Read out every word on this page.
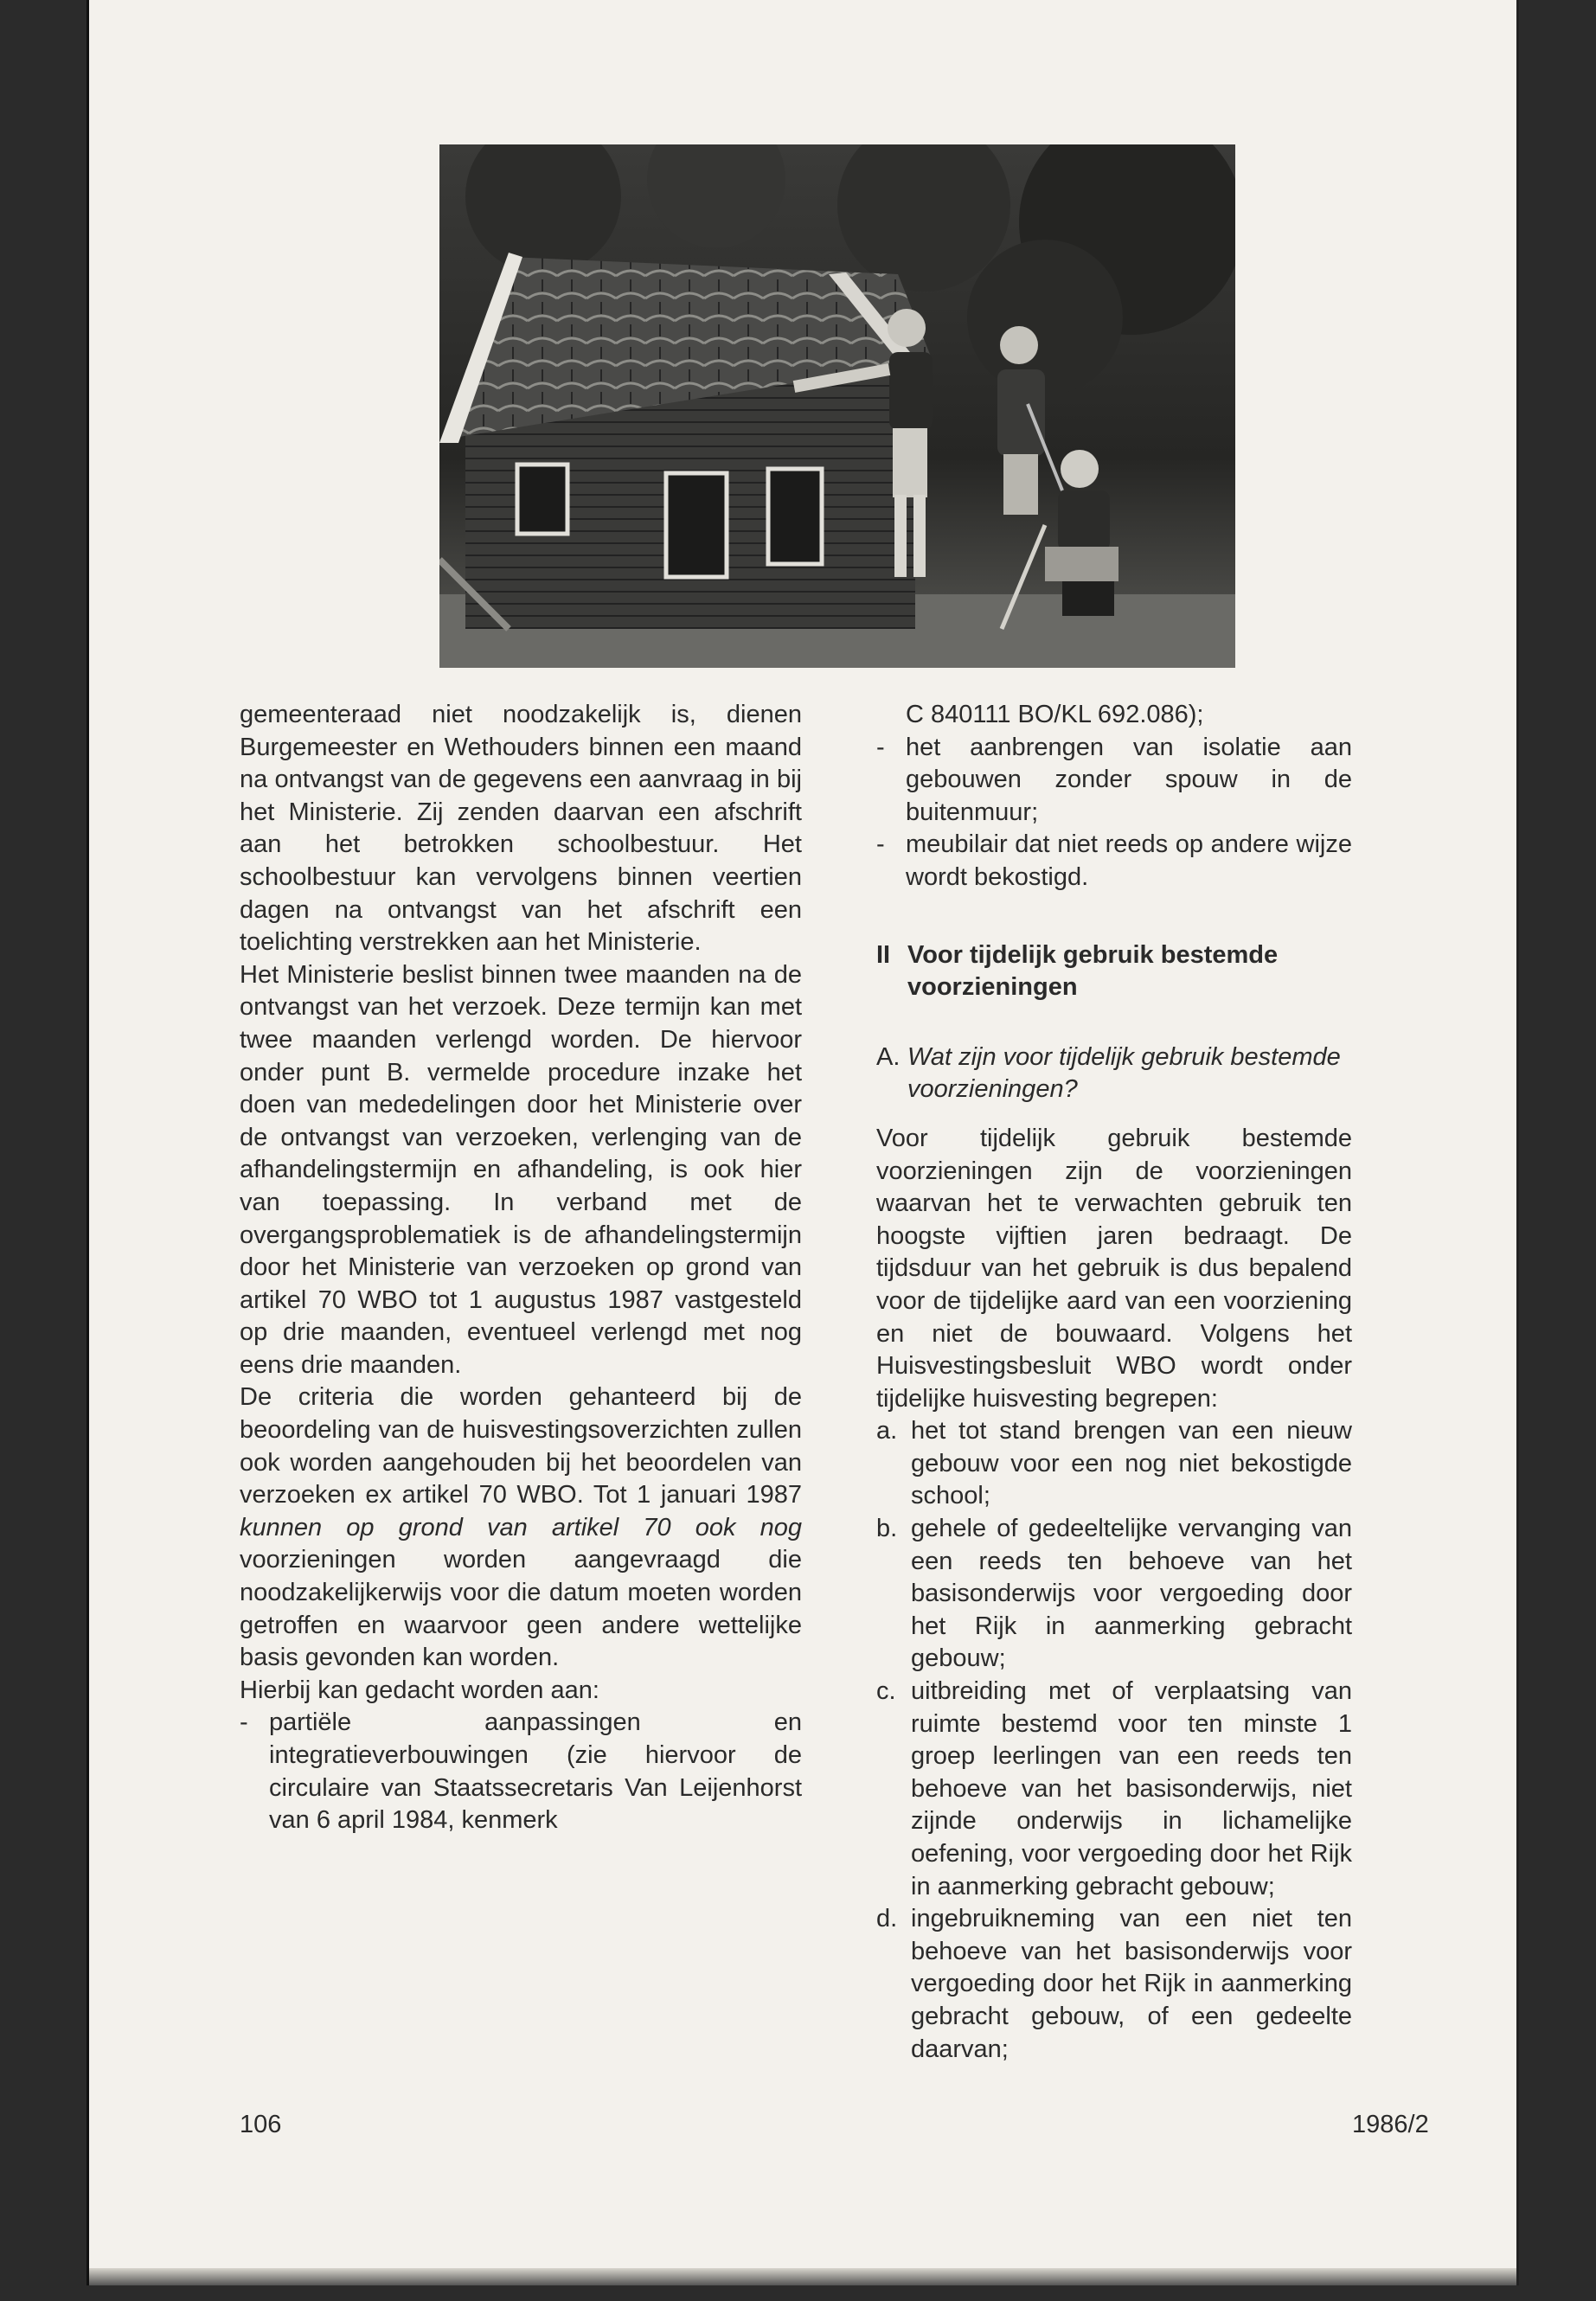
gemeenteraad niet noodzakelijk is, dienen Burgemeester en Wethouders binnen een maand na ontvangst van de gegevens een aanvraag in bij het Ministerie. Zij zenden daarvan een afschrift aan het betrokken schoolbestuur. Het schoolbestuur kan vervolgens binnen veertien dagen na ontvangst van het afschrift een toelichting verstrekken aan het Ministerie.

Het Ministerie beslist binnen twee maanden na de ontvangst van het verzoek. Deze termijn kan met twee maanden verlengd worden. De hiervoor onder punt B. vermelde procedure inzake het doen van mededelingen door het Ministerie over de ontvangst van verzoeken, verlenging van de afhandelingstermijn en afhandeling, is ook hier van toepassing. In verband met de overgangsproblematiek is de afhandelingstermijn door het Ministerie van verzoeken op grond van artikel 70 WBO tot 1 augustus 1987 vastgesteld op drie maanden, eventueel verlengd met nog eens drie maanden.

De criteria die worden gehanteerd bij de beoordeling van de huisvestingsoverzichten zullen ook worden aangehouden bij het beoordelen van verzoeken ex artikel 70 WBO. Tot 1 januari 1987 kunnen op grond van artikel 70 ook nog voorzieningen worden aangevraagd die noodzakelijkerwijs voor die datum moeten worden getroffen en waarvoor geen andere wettelijke basis gevonden kan worden.

Hierbij kan gedacht worden aan:

- partiële aanpassingen en integratieverbouwingen (zie hiervoor de circulaire van Staatssecretaris Van Leijenhorst van 6 april 1984, kenmerk

C 840111 BO/KL 692.086);

- het aanbrengen van isolatie aan gebouwen zonder spouw in de buitenmuur;
- meubilair dat niet reeds op andere wijze wordt bekostigd.
II Voor tijdelijk gebruik bestemde voorzieningen
A. Wat zijn voor tijdelijk gebruik bestemde voorzieningen?

Voor tijdelijk gebruik bestemde voorzieningen zijn de voorzieningen waarvan het te verwachten gebruik ten hoogste vijftien jaren bedraagt. De tijdsduur van het gebruik is dus bepalend voor de tijdelijke aard van een voorziening en niet de bouwaard. Volgens het Huisvestingsbesluit WBO wordt onder tijdelijke huisvesting begrepen:

a. het tot stand brengen van een nieuw gebouw voor een nog niet bekostigde school;
b. gehele of gedeeltelijke vervanging van een reeds ten behoeve van het basisonderwijs voor vergoeding door het Rijk in aanmerking gebracht gebouw;
c. uitbreiding met of verplaatsing van ruimte bestemd voor ten minste 1 groep leerlingen van een reeds ten behoeve van het basisonderwijs, niet zijnde onderwijs in lichamelijke oefening, voor vergoeding door het Rijk in aanmerking gebracht gebouw;
d. ingebruikneming van een niet ten behoeve van het basisonderwijs voor vergoeding door het Rijk in aanmerking gebracht gebouw, of een gedeelte daarvan;
106	1986/2
